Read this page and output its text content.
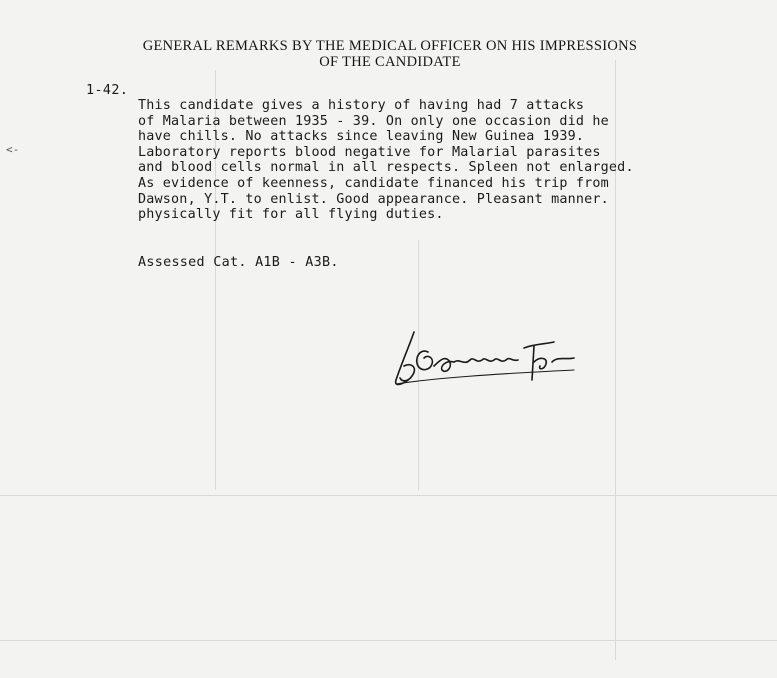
GENERAL REMARKS BY THE MEDICAL OFFICER ON HIS IMPRESSIONS
OF THE CANDIDATE
<-
1-42.
This candidate gives a history of having had 7 attacks
of Malaria between 1935 - 39. On only one occasion did he
have chills. No attacks since leaving New Guinea 1939.
Laboratory reports blood negative for Malarial parasites
and blood cells normal in all respects. Spleen not enlarged.
As evidence of keenness, candidate financed his trip from
Dawson, Y.T. to enlist. Good appearance. Pleasant manner.
physically fit for all flying duties.
Assessed Cat. A1B - A3B.
